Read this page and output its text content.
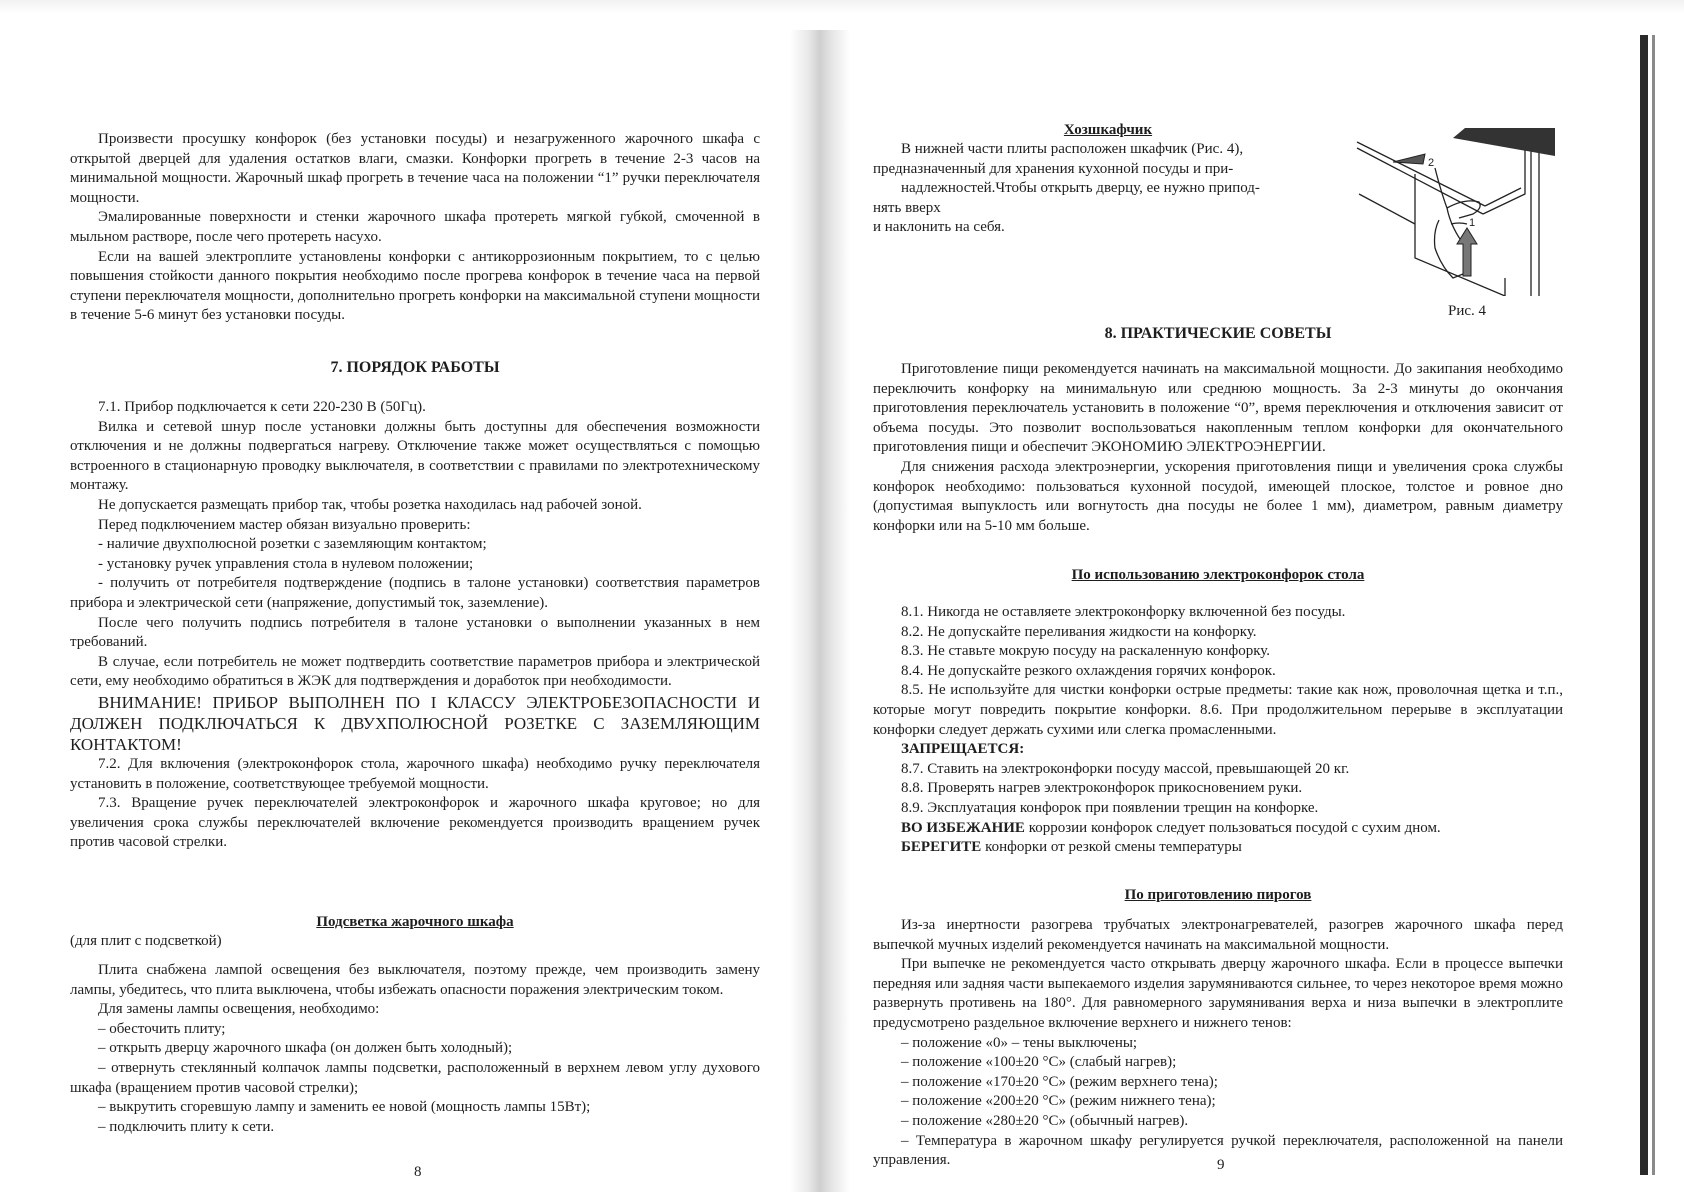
Произвести просушку конфорок (без установки посуды) и незагруженного жарочного шкафа с открытой дверцей для удаления остатков влаги, смазки. Конфорки прогреть в течение 2-3 часов на минимальной мощности. Жарочный шкаф прогреть в течение часа на положении “1” ручки переключателя мощности.

Эмалированные поверхности и стенки жарочного шкафа протереть мягкой губкой, смоченной в мыльном растворе, после чего протереть насухо.

Если на вашей электроплите установлены конфорки с антикоррозионным покрытием, то с целью повышения стойкости данного покрытия необходимо после прогрева конфорок в течение часа на первой ступени переключателя мощности, дополнительно прогреть конфорки на максимальной ступени мощности в течение 5-6 минут без установки посуды.

7. ПОРЯДОК РАБОТЫ

7.1. Прибор подключается к сети 220-230 В (50Гц).

Вилка и сетевой шнур после установки должны быть доступны для обеспечения возможности отключения и не должны подвергаться нагреву. Отключение также может осуществляться с помощью встроенного в стационарную проводку выключателя, в соответствии с правилами по электротехническому монтажу.

Не допускается размещать прибор так, чтобы розетка находилась над рабочей зоной.

Перед подключением мастер обязан визуально проверить:

- наличие двухполюсной розетки с заземляющим контактом;

- установку ручек управления стола в нулевом положении;

- получить от потребителя подтверждение (подпись в талоне установки) соответствия параметров прибора и электрической сети (напряжение, допустимый ток, заземление).

После чего получить подпись потребителя в талоне установки о выполнении указанных в нем требований.

В случае, если потребитель не может подтвердить соответствие параметров прибора и электрической сети, ему необходимо обратиться в ЖЭК для подтверждения и доработок при необходимости.

ВНИМАНИЕ! ПРИБОР ВЫПОЛНЕН ПО I КЛАССУ ЭЛЕКТРОБЕЗОПАСНОСТИ И ДОЛЖЕН ПОДКЛЮЧАТЬСЯ К ДВУХПОЛЮСНОЙ РОЗЕТКЕ С ЗАЗЕМЛЯЮЩИМ КОНТАКТОМ!

7.2. Для включения (электроконфорок стола, жарочного шкафа) необходимо ручку переключателя установить в положение, соответствующее требуемой мощности.

7.3. Вращение ручек переключателей электроконфорок и жарочного шкафа круговое; но для увеличения срока службы переключателей включение рекомендуется производить вращением ручек против часовой стрелки.

Подсветка жарочного шкафа

(для плит с подсветкой)

Плита снабжена лампой освещения без выключателя, поэтому прежде, чем производить замену лампы, убедитесь, что плита выключена, чтобы избежать опасности поражения электрическим током.

Для замены лампы освещения, необходимо:

– обесточить плиту;

– открыть дверцу жарочного шкафа (он должен быть холодный);

– отвернуть стеклянный колпачок лампы подсветки, расположенный в верхнем левом углу духового шкафа (вращением против часовой стрелки);

– выкрутить сгоревшую лампу и заменить ее новой (мощность лампы 15Вт);

– подключить плиту к сети.

8

Хозшкафчик

В нижней части плиты расположен шкафчик (Рис. 4),

предназначенный для хранения кухонной посуды и при-

надлежностей.Чтобы открыть дверцу, ее нужно припод-

нять вверх

и наклонить на себя.

8. ПРАКТИЧЕСКИЕ СОВЕТЫ

Приготовление пищи рекомендуется начинать на максимальной мощности. До закипания необходимо переключить конфорку на минимальную или среднюю мощность. За 2-3 минуты до окончания приготовления переключатель установить в положение “0”, время переключения и отключения зависит от объема посуды. Это позволит воспользоваться накопленным теплом конфорки для окончательного приготовления пищи и обеспечит ЭКОНОМИЮ ЭЛЕКТРОЭНЕРГИИ.

Для снижения расхода электроэнергии, ускорения приготовления пищи и увеличения срока службы конфорок необходимо: пользоваться кухонной посудой, имеющей плоское, толстое и ровное дно (допустимая выпуклость или вогнутость дна посуды не более 1 мм), диаметром, равным диаметру конфорки или на 5-10 мм больше.

По использованию электроконфорок стола

8.1. Никогда не оставляете электроконфорку включенной без посуды.

8.2. Не допускайте переливания жидкости на конфорку.

8.3. Не ставьте мокрую посуду на раскаленную конфорку.

8.4. Не допускайте резкого охлаждения горячих конфорок.

8.5. Не используйте для чистки конфорки острые предметы: такие как нож, проволочная щетка и т.п., которые могут повредить покрытие конфорки. 8.6. При продолжительном перерыве в эксплуатации конфорки следует держать сухими или слегка промасленными.

ЗАПРЕЩАЕТСЯ:

8.7. Ставить на электроконфорки посуду массой, превышающей 20 кг.

8.8. Проверять нагрев электроконфорок прикосновением руки.

8.9. Эксплуатация конфорок при появлении трещин на конфорке.

ВО ИЗБЕЖАНИЕ коррозии конфорок следует пользоваться посудой с сухим дном.

БЕРЕГИТЕ конфорки от резкой смены температуры

По приготовлению пирогов

Из-за инертности разогрева трубчатых электронагревателей, разогрев жарочного шкафа перед выпечкой мучных изделий рекомендуется начинать на максимальной мощности.

При выпечке не рекомендуется часто открывать дверцу жарочного шкафа. Если в процессе выпечки передняя или задняя части выпекаемого изделия зарумяниваются сильнее, то через некоторое время можно развернуть противень на 180°. Для равномерного зарумянивания верха и низа выпечки в электроплите предусмотрено раздельное включение верхнего и нижнего тенов:

– положение «0» – тены выключены;

– положение «100±20 °С» (слабый нагрев);

– положение «170±20 °С» (режим верхнего тена);

– положение «200±20 °С» (режим нижнего тена);

– положение «280±20 °С» (обычный нагрев).

– Температура в жарочном шкафу регулируется ручкой переключателя, расположенной на панели управления.	9
1
2
Рис. 4
